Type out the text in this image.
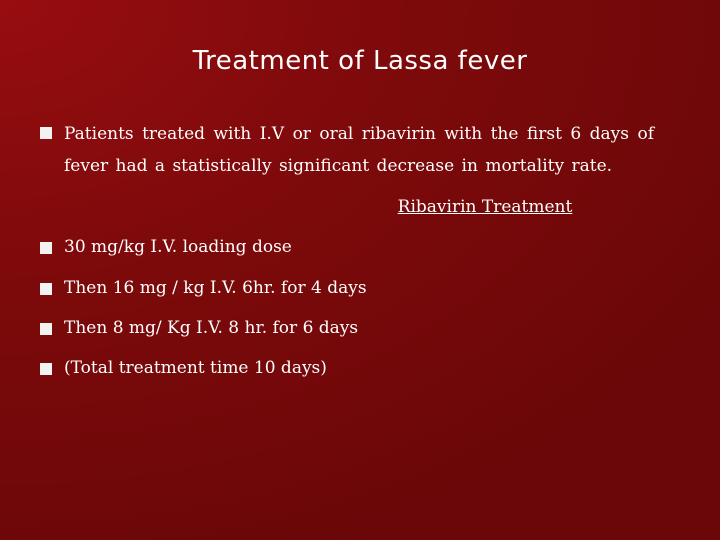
Treatment of Lassa fever
Patients treated with I.V or oral ribavirin with the first 6 days of fever had a statistically significant decrease in mortality rate.
Ribavirin Treatment
30 mg/kg I.V. loading dose
Then 16 mg / kg I.V. 6hr. for 4 days
Then 8 mg/ Kg I.V. 8 hr. for 6 days
(Total treatment time 10 days)
